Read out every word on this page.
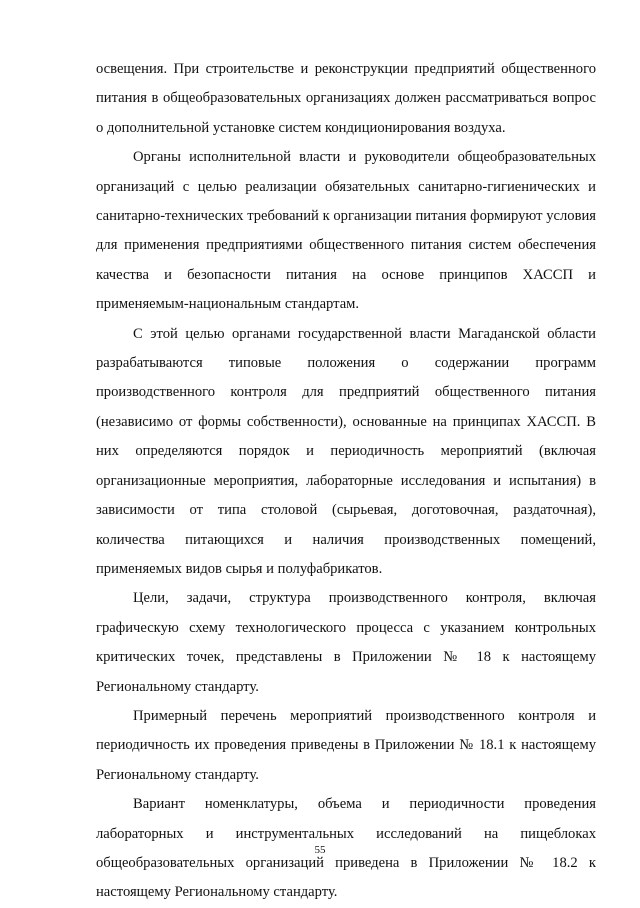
освещения. При строительстве и реконструкции предприятий общественного питания в общеобразовательных организациях должен рассматриваться вопрос о дополнительной установке систем кондиционирования воздуха.

Органы исполнительной власти и руководители общеобразовательных организаций с целью реализации обязательных санитарно-гигиенических и санитарно-технических требований к организации питания формируют условия для применения предприятиями общественного питания систем обеспечения качества и безопасности питания на основе принципов ХАССП и применяемым-национальным стандартам.

С этой целью органами государственной власти Магаданской области разрабатываются типовые положения о содержании программ производственного контроля для предприятий общественного питания (независимо от формы собственности), основанные на принципах ХАССП. В них определяются порядок и периодичность мероприятий (включая организационные мероприятия, лабораторные исследования и испытания) в зависимости от типа столовой (сырьевая, доготовочная, раздаточная), количества питающихся и наличия производственных помещений, применяемых видов сырья и полуфабрикатов.

Цели, задачи, структура производственного контроля, включая графическую схему технологического процесса с указанием контрольных критических точек, представлены в Приложении № 18 к настоящему Региональному стандарту.

Примерный перечень мероприятий производственного контроля и периодичность их проведения приведены в Приложении № 18.1 к настоящему Региональному стандарту.

Вариант номенклатуры, объема и периодичности проведения лабораторных и инструментальных исследований на пищеблоках общеобразовательных организаций приведена в Приложении № 18.2 к настоящему Региональному стандарту.

55
